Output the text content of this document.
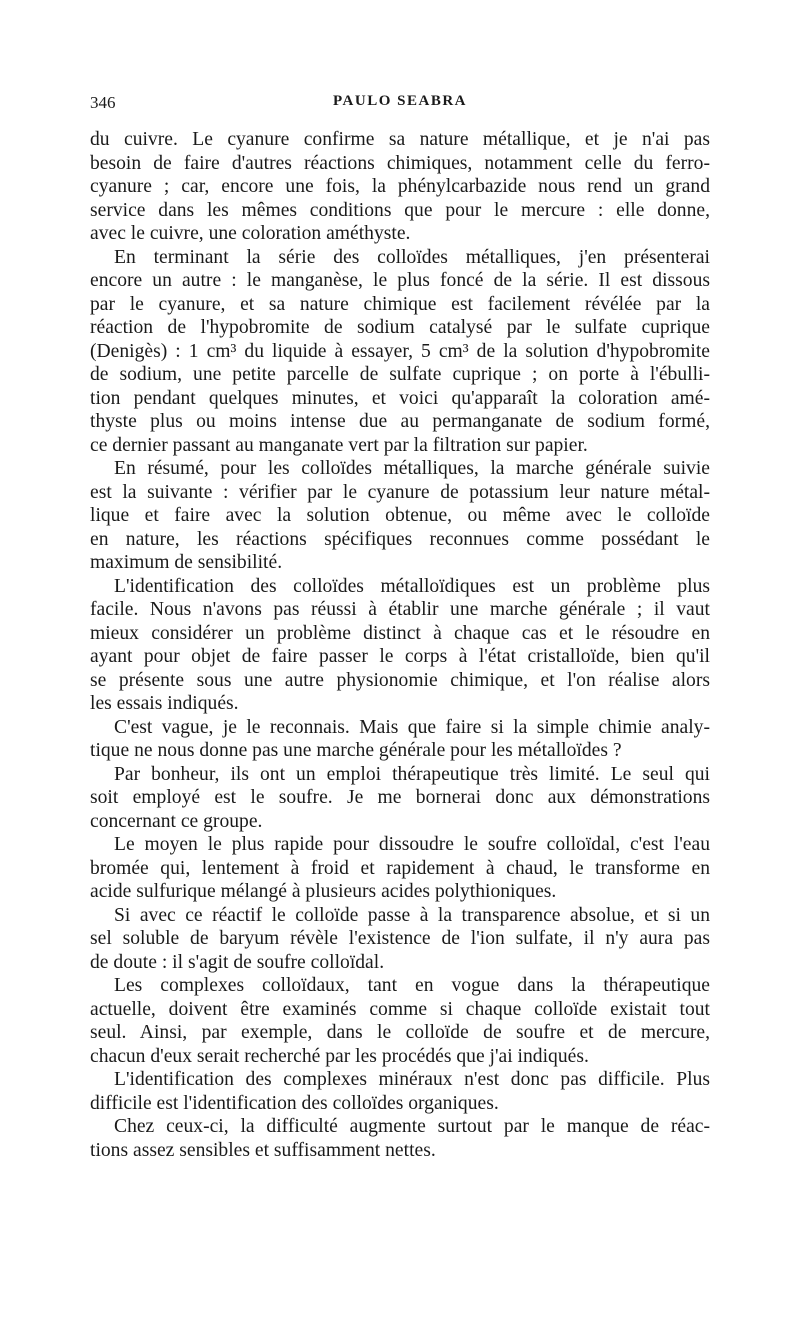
346	PAULO SEABRA
du cuivre. Le cyanure confirme sa nature métallique, et je n'ai pas
besoin de faire d'autres réactions chimiques, notamment celle du ferro-
cyanure ; car, encore une fois, la phénylcarbazide nous rend un grand
service dans les mêmes conditions que pour le mercure : elle donne,
avec le cuivre, une coloration améthyste.
En terminant la série des colloïdes métalliques, j'en présenterai
encore un autre : le manganèse, le plus foncé de la série. Il est dissous
par le cyanure, et sa nature chimique est facilement révélée par la
réaction de l'hypobromite de sodium catalysé par le sulfate cuprique
(Denigès) : 1 cm³ du liquide à essayer, 5 cm³ de la solution d'hypobromite
de sodium, une petite parcelle de sulfate cuprique ; on porte à l'ébulli-
tion pendant quelques minutes, et voici qu'apparaît la coloration amé-
thyste plus ou moins intense due au permanganate de sodium formé,
ce dernier passant au manganate vert par la filtration sur papier.
En résumé, pour les colloïdes métalliques, la marche générale suivie
est la suivante : vérifier par le cyanure de potassium leur nature métal-
lique et faire avec la solution obtenue, ou même avec le colloïde
en nature, les réactions spécifiques reconnues comme possédant le
maximum de sensibilité.
L'identification des colloïdes métalloïdiques est un problème plus
facile. Nous n'avons pas réussi à établir une marche générale ; il vaut
mieux considérer un problème distinct à chaque cas et le résoudre en
ayant pour objet de faire passer le corps à l'état cristalloïde, bien qu'il
se présente sous une autre physionomie chimique, et l'on réalise alors
les essais indiqués.
C'est vague, je le reconnais. Mais que faire si la simple chimie analy-
tique ne nous donne pas une marche générale pour les métalloïdes ?
Par bonheur, ils ont un emploi thérapeutique très limité. Le seul qui
soit employé est le soufre. Je me bornerai donc aux démonstrations
concernant ce groupe.
Le moyen le plus rapide pour dissoudre le soufre colloïdal, c'est l'eau
bromée qui, lentement à froid et rapidement à chaud, le transforme en
acide sulfurique mélangé à plusieurs acides polythioniques.
Si avec ce réactif le colloïde passe à la transparence absolue, et si un
sel soluble de baryum révèle l'existence de l'ion sulfate, il n'y aura pas
de doute : il s'agit de soufre colloïdal.
Les complexes colloïdaux, tant en vogue dans la thérapeutique
actuelle, doivent être examinés comme si chaque colloïde existait tout
seul. Ainsi, par exemple, dans le colloïde de soufre et de mercure,
chacun d'eux serait recherché par les procédés que j'ai indiqués.
L'identification des complexes minéraux n'est donc pas difficile. Plus
difficile est l'identification des colloïdes organiques.
Chez ceux-ci, la difficulté augmente surtout par le manque de réac-
tions assez sensibles et suffisamment nettes.
